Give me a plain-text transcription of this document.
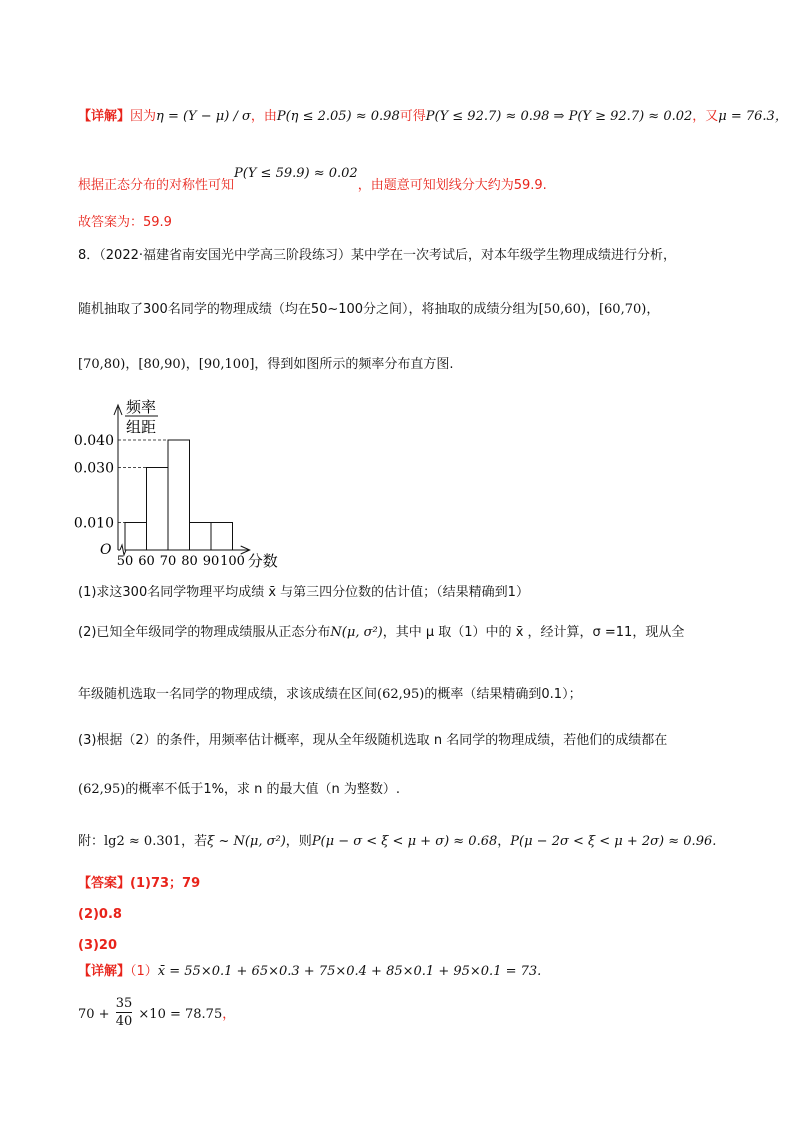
【详解】因为η = (Y − μ) / σ，由P(η ≤ 2.05) ≈ 0.98可得P(Y ≤ 92.7) ≈ 0.98 ⇒ P(Y ≥ 92.7) ≈ 0.02，又μ = 76.3，
根据正态分布的对称性可知P(Y ≤ 59.9) ≈ 0.02，由题意可知划线分大约为59.9.
故答案为：59.9
8．（2022·福建省南安国光中学高三阶段练习）某中学在一次考试后，对本年级学生物理成绩进行分析，
随机抽取了300名同学的物理成绩（均在50~100分之间），将抽取的成绩分组为[50,60)，[60,70)，
[70,80)，[80,90)，[90,100]，得到如图所示的频率分布直方图.
0.010
0.030
0.040
50 60 70 80 90 100
O
分数
频率
组距
(1)求这300名同学物理平均成绩 x̄ 与第三四分位数的估计值；（结果精确到1）
(2)已知全年级同学的物理成绩服从正态分布N(μ, σ²)，其中 μ 取（1）中的 x̄ ，经计算，σ =11，现从全
年级随机选取一名同学的物理成绩，求该成绩在区间(62,95)的概率（结果精确到0.1）；
(3)根据（2）的条件，用频率估计概率，现从全年级随机选取 n 名同学的物理成绩，若他们的成绩都在
(62,95)的概率不低于1%，求 n 的最大值（n 为整数）.
附：lg2 ≈ 0.301，若ξ ~ N(μ, σ²)，则P(μ − σ < ξ < μ + σ) ≈ 0.68，P(μ − 2σ < ξ < μ + 2σ) ≈ 0.96.
【答案】(1)73；79
(2)0.8
(3)20
【详解】（1）x̄ = 55×0.1 + 65×0.3 + 75×0.4 + 85×0.1 + 95×0.1 = 73.
$70 + \frac{35}{40} \times 10 = 78.75$，
